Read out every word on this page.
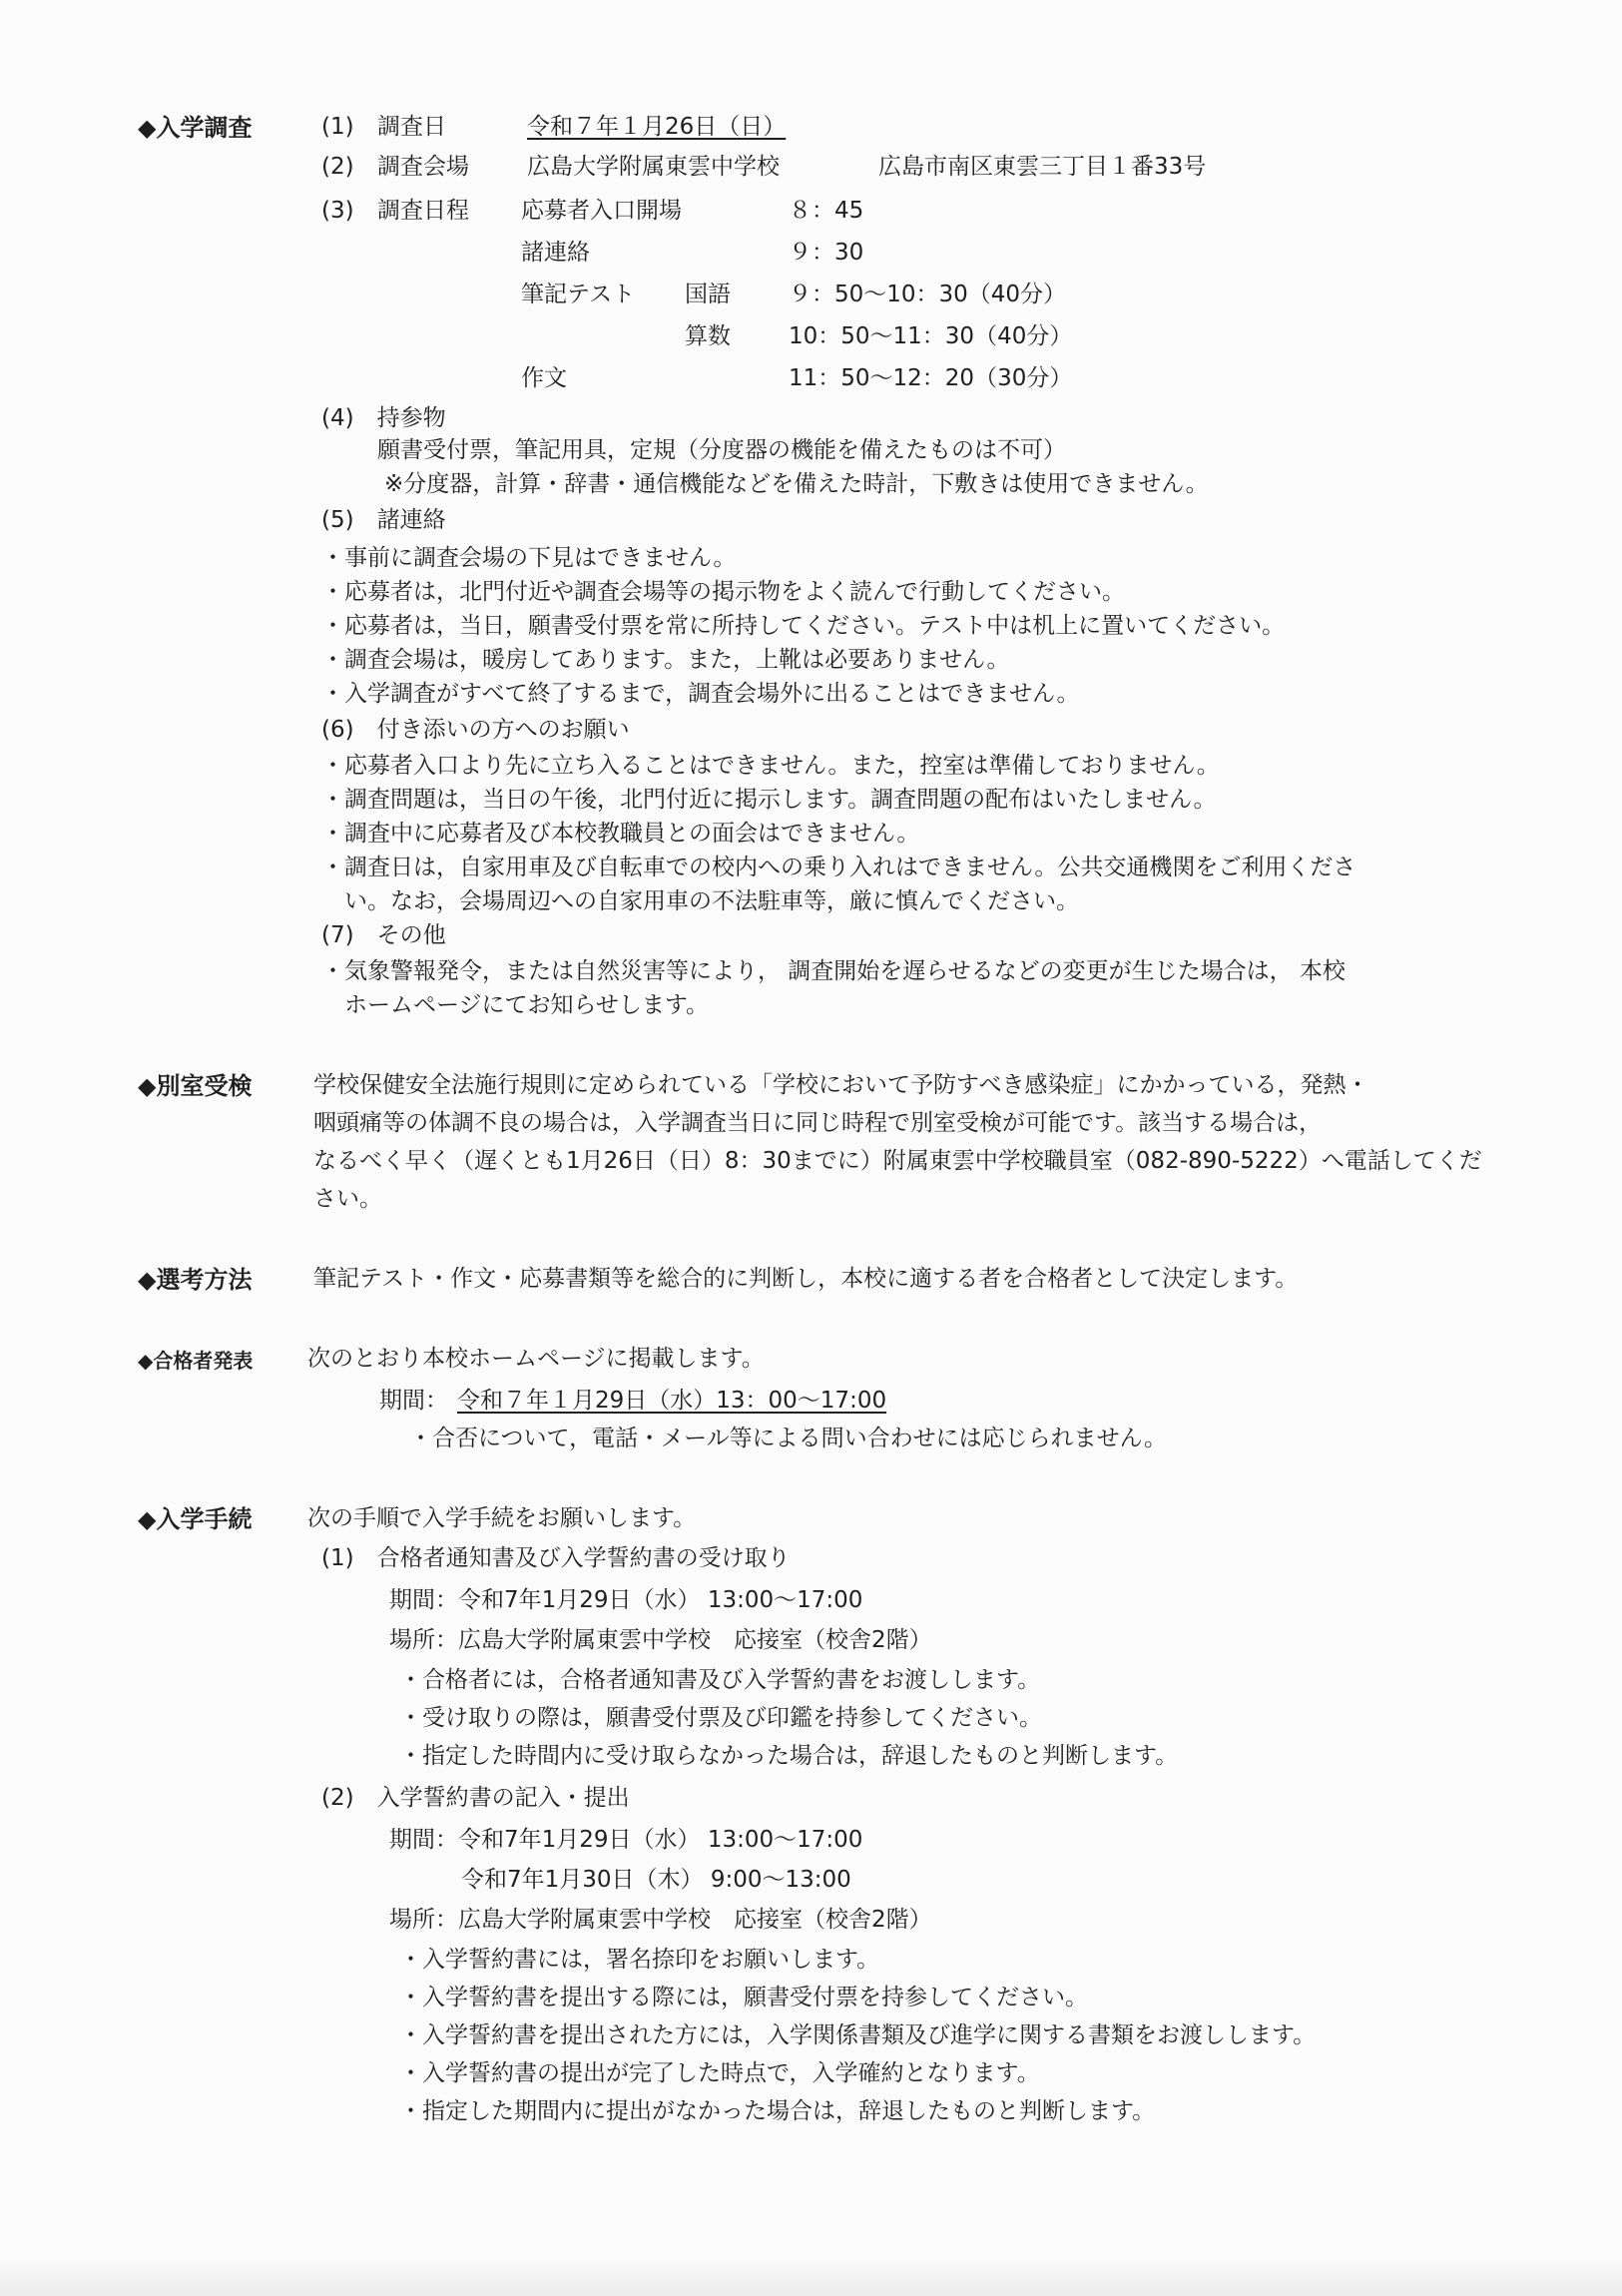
◆入学調査	(1) 調査日	令和７年１月26日（日）
(2) 調査会場	広島大学附属東雲中学校	広島市南区東雲三丁目１番33号
(3) 調査日程 応募者入口開場	８：45
諸連絡	９：30
筆記テスト 国語	９：50～10：30（40分）
算数	10：50～11：30（40分）
作文	11：50～12：20（30分）
(4)　持参物
願書受付票，筆記用具，定規（分度器の機能を備えたものは不可）
※分度器，計算・辞書・通信機能などを備えた時計，下敷きは使用できません。
(5)　諸連絡
・事前に調査会場の下見はできません。
・応募者は，北門付近や調査会場等の掲示物をよく読んで行動してください。
・応募者は，当日，願書受付票を常に所持してください。テスト中は机上に置いてください。
・調査会場は，暖房してあります。また，上靴は必要ありません。
・入学調査がすべて終了するまで，調査会場外に出ることはできません。
(6)　付き添いの方へのお願い
・応募者入口より先に立ち入ることはできません。また，控室は準備しておりません。
・調査問題は，当日の午後，北門付近に掲示します。調査問題の配布はいたしません。
・調査中に応募者及び本校教職員との面会はできません。
・調査日は，自家用車及び自転車での校内への乗り入れはできません。公共交通機関をご利用くださ
　い。なお，会場周辺への自家用車の不法駐車等，厳に慎んでください。
(7)　その他
・気象警報発令，または自然災害等により， 調査開始を遅らせるなどの変更が生じた場合は， 本校
　ホームページにてお知らせします。
◆別室受検	学校保健安全法施行規則に定められている「学校において予防すべき感染症」にかかっている，発熱・
咽頭痛等の体調不良の場合は，入学調査当日に同じ時程で別室受検が可能です。該当する場合は，
なるべく早く（遅くとも1月26日（日）8：30までに）附属東雲中学校職員室（082-890-5222）へ電話してくだ
さい。
◆選考方法	筆記テスト・作文・応募書類等を総合的に判断し，本校に適する者を合格者として決定します。
◆合格者発表 次のとおり本校ホームページに掲載します。
期間： 令和７年１月29日（水）13：00～17:00
・合否について，電話・メール等による問い合わせには応じられません。
◆入学手続 次の手順で入学手続をお願いします。
(1)　合格者通知書及び入学誓約書の受け取り
期間：令和7年1月29日（水） 13:00～17:00
場所：広島大学附属東雲中学校　応接室（校舎2階）
・合格者には，合格者通知書及び入学誓約書をお渡しします。
・受け取りの際は，願書受付票及び印鑑を持参してください。
・指定した時間内に受け取らなかった場合は，辞退したものと判断します。
(2)　入学誓約書の記入・提出
期間：令和7年1月29日（水） 13:00～17:00
令和7年1月30日（木） 9:00～13:00
場所：広島大学附属東雲中学校　応接室（校舎2階）
・入学誓約書には，署名捺印をお願いします。
・入学誓約書を提出する際には，願書受付票を持参してください。
・入学誓約書を提出された方には，入学関係書類及び進学に関する書類をお渡しします。
・入学誓約書の提出が完了した時点で，入学確約となります。
・指定した期間内に提出がなかった場合は，辞退したものと判断します。
